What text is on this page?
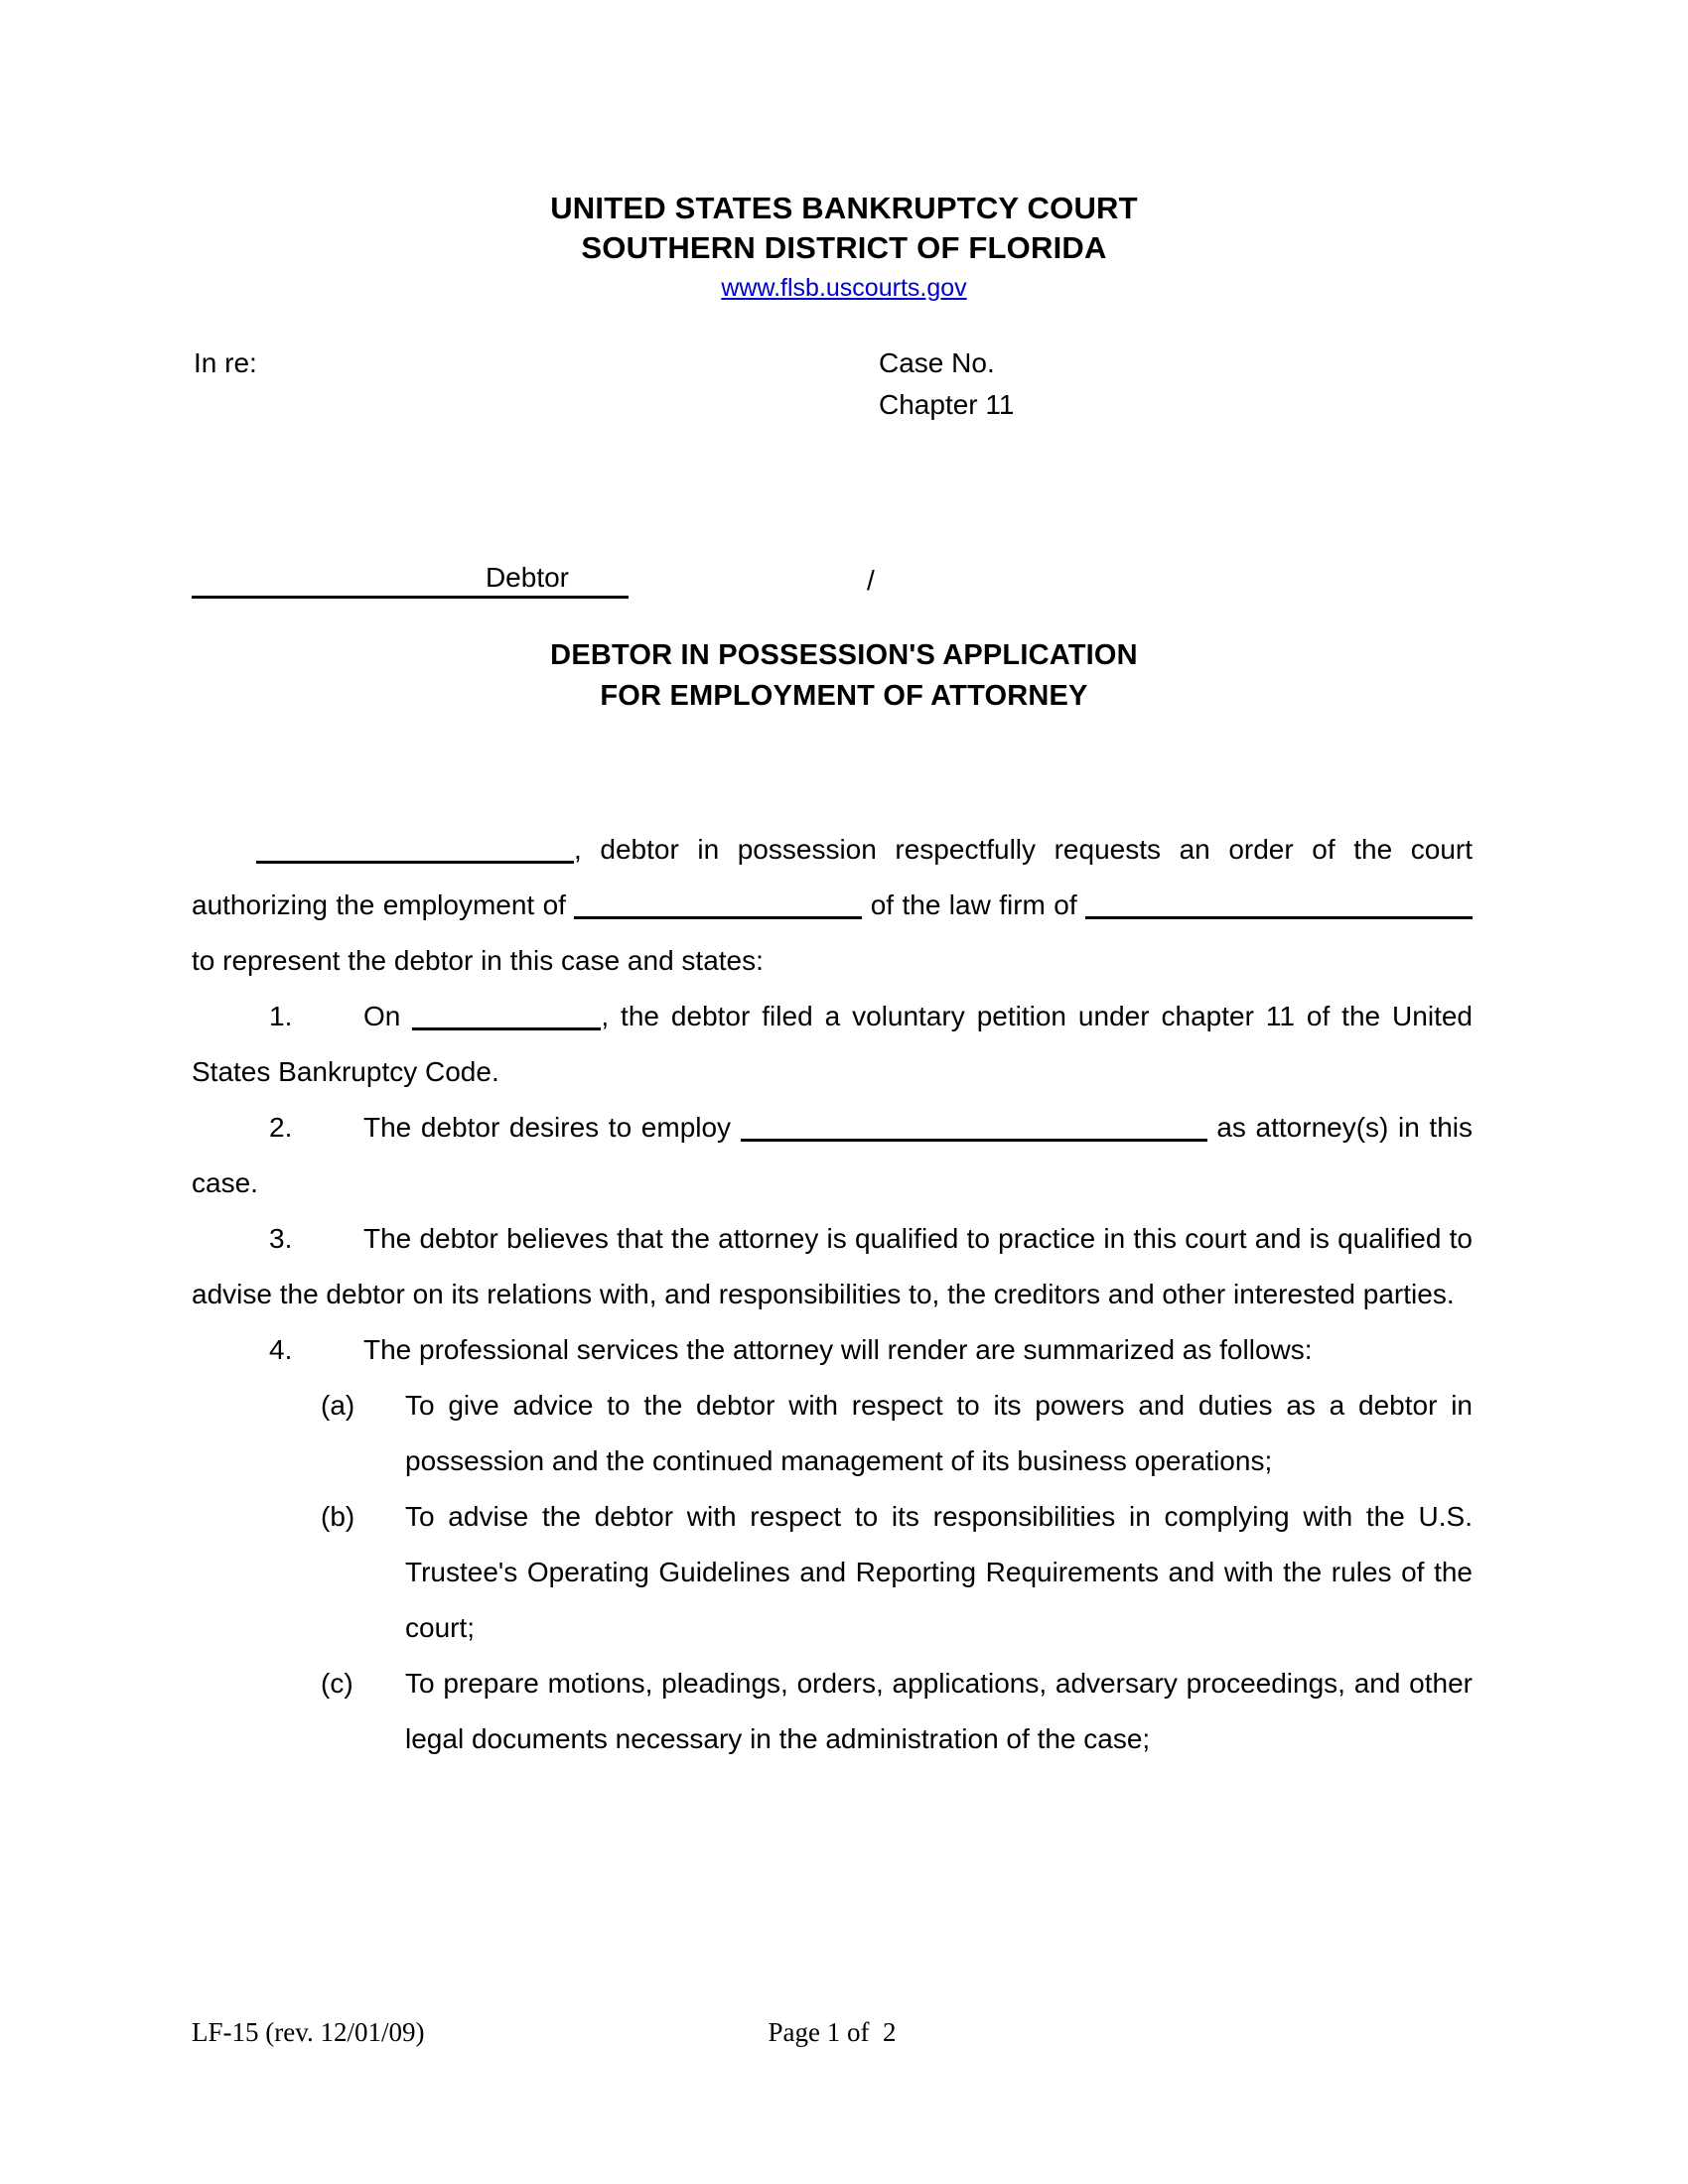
UNITED STATES BANKRUPTCY COURT
SOUTHERN DISTRICT OF FLORIDA
www.flsb.uscourts.gov
In re:	Case No.
Chapter 11
Debtor	/
DEBTOR IN POSSESSION'S APPLICATION
FOR EMPLOYMENT OF ATTORNEY
, debtor in possession respectfully requests an order of the court authorizing the employment of	of the law firm of to represent the debtor in this case and states:
1.	On	, the debtor filed a voluntary petition under chapter 11 of the United States Bankruptcy Code.
2.	The debtor desires to employ	as attorney(s) in this case.
3.	The debtor believes that the attorney is qualified to practice in this court and is qualified to advise the debtor on its relations with, and responsibilities to, the creditors and other interested parties.
4.	The professional services the attorney will render are summarized as follows:
(a) To give advice to the debtor with respect to its powers and duties as a debtor in possession and the continued management of its business operations;
(b) To advise the debtor with respect to its responsibilities in complying with the U.S. Trustee's Operating Guidelines and Reporting Requirements and with the rules of the court;
(c) To prepare motions, pleadings, orders, applications, adversary proceedings, and other legal documents necessary in the administration of the case;
LF-15 (rev. 12/01/09)	Page 1 of  2
